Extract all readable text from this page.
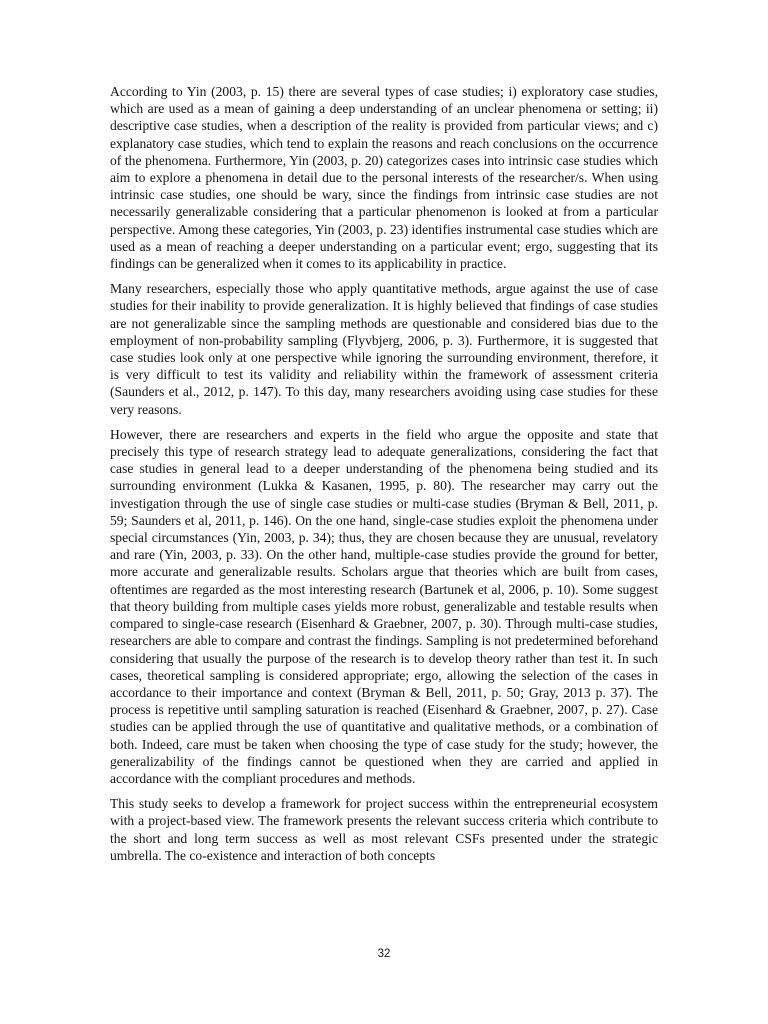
According to Yin (2003, p. 15) there are several types of case studies; i) exploratory case studies, which are used as a mean of gaining a deep understanding of an unclear phenomena or setting; ii) descriptive case studies, when a description of the reality is provided from particular views; and c) explanatory case studies, which tend to explain the reasons and reach conclusions on the occurrence of the phenomena. Furthermore, Yin (2003, p. 20) categorizes cases into intrinsic case studies which aim to explore a phenomena in detail due to the personal interests of the researcher/s. When using intrinsic case studies, one should be wary, since the findings from intrinsic case studies are not necessarily generalizable considering that a particular phenomenon is looked at from a particular perspective. Among these categories, Yin (2003, p. 23) identifies instrumental case studies which are used as a mean of reaching a deeper understanding on a particular event; ergo, suggesting that its findings can be generalized when it comes to its applicability in practice.

Many researchers, especially those who apply quantitative methods, argue against the use of case studies for their inability to provide generalization. It is highly believed that findings of case studies are not generalizable since the sampling methods are questionable and considered bias due to the employment of non-probability sampling (Flyvbjerg, 2006, p. 3). Furthermore, it is suggested that case studies look only at one perspective while ignoring the surrounding environment, therefore, it is very difficult to test its validity and reliability within the framework of assessment criteria (Saunders et al., 2012, p. 147). To this day, many researchers avoiding using case studies for these very reasons.

However, there are researchers and experts in the field who argue the opposite and state that precisely this type of research strategy lead to adequate generalizations, considering the fact that case studies in general lead to a deeper understanding of the phenomena being studied and its surrounding environment (Lukka & Kasanen, 1995, p. 80). The researcher may carry out the investigation through the use of single case studies or multi-case studies (Bryman & Bell, 2011, p. 59; Saunders et al, 2011, p. 146). On the one hand, single-case studies exploit the phenomena under special circumstances (Yin, 2003, p. 34); thus, they are chosen because they are unusual, revelatory and rare (Yin, 2003, p. 33). On the other hand, multiple-case studies provide the ground for better, more accurate and generalizable results. Scholars argue that theories which are built from cases, oftentimes are regarded as the most interesting research (Bartunek et al, 2006, p. 10). Some suggest that theory building from multiple cases yields more robust, generalizable and testable results when compared to single-case research (Eisenhard & Graebner, 2007, p. 30). Through multi-case studies, researchers are able to compare and contrast the findings. Sampling is not predetermined beforehand considering that usually the purpose of the research is to develop theory rather than test it. In such cases, theoretical sampling is considered appropriate; ergo, allowing the selection of the cases in accordance to their importance and context (Bryman & Bell, 2011, p. 50; Gray, 2013 p. 37). The process is repetitive until sampling saturation is reached (Eisenhard & Graebner, 2007, p. 27). Case studies can be applied through the use of quantitative and qualitative methods, or a combination of both. Indeed, care must be taken when choosing the type of case study for the study; however, the generalizability of the findings cannot be questioned when they are carried and applied in accordance with the compliant procedures and methods.

This study seeks to develop a framework for project success within the entrepreneurial ecosystem with a project-based view. The framework presents the relevant success criteria which contribute to the short and long term success as well as most relevant CSFs presented under the strategic umbrella. The co-existence and interaction of both concepts

32
